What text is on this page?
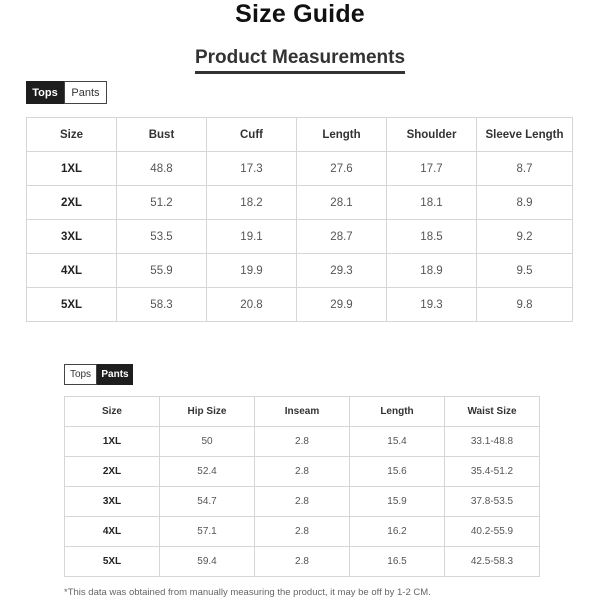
Size Guide
Product Measurements
Tops	Pants
Size	Bust	Cuff	Length	Shoulder	Sleeve Length
1XL	48.8	17.3	27.6	17.7	8.7
2XL	51.2	18.2	28.1	18.1	8.9
3XL	53.5	19.1	28.7	18.5	9.2
4XL	55.9	19.9	29.3	18.9	9.5
5XL	58.3	20.8	29.9	19.3	9.8
Tops	Pants
Size	Hip Size	Inseam	Length	Waist Size
1XL	50	2.8	15.4	33.1-48.8
2XL	52.4	2.8	15.6	35.4-51.2
3XL	54.7	2.8	15.9	37.8-53.5
4XL	57.1	2.8	16.2	40.2-55.9
5XL	59.4	2.8	16.5	42.5-58.3
*This data was obtained from manually measuring the product, it may be off by 1-2 CM.
